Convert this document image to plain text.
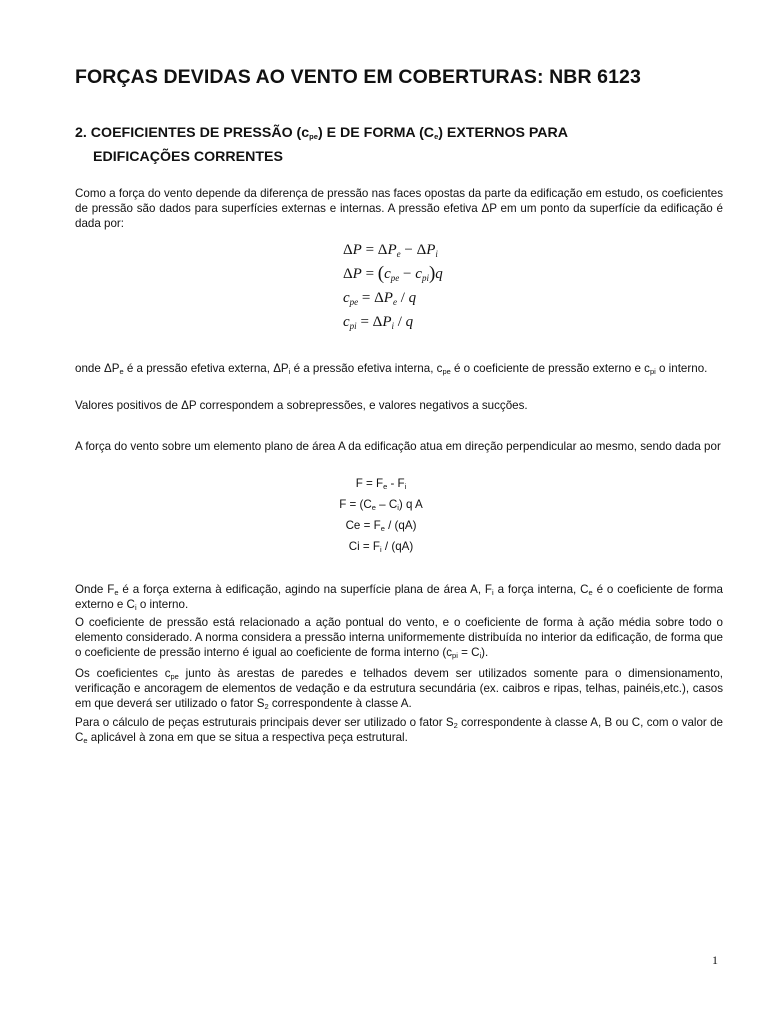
FORÇAS DEVIDAS AO VENTO EM COBERTURAS: NBR 6123
2. COEFICIENTES DE PRESSÃO $(c_{pe})$ E DE FORMA $(C_e)$ EXTERNOS PARA
EDIFICAÇÕES CORRENTES

Como a força do vento depende da diferença de pressão nas faces opostas da parte da edificação em estudo, os coeficientes de pressão são dados para superfícies externas e internas. A pressão efetiva ΔP em um ponto da superfície da edificação é dada por:

$\Delta P = \Delta P_e - \Delta P_i$
$\Delta P = (c_{pe} - c_{pi})q$
$c_{pe} = \Delta P_e / q$
$c_{pi} = \Delta P_i / q$

onde $\Delta P_e$ é a pressão efetiva externa, $\Delta P_i$ é a pressão efetiva interna, $c_{pe}$ é o coeficiente de pressão externo e $c_{pi}$ o interno.

Valores positivos de ΔP correspondem a sobrepressões, e valores negativos a sucções.

A força do vento sobre um elemento plano de área A da edificação atua em direção perpendicular ao mesmo, sendo dada por

$F = F_e - F_i$
$F = (C_e - C_i)$ q A
$Ce = F_e / (qA)$
$Ci = F_i / (qA)$

Onde $F_e$ é a força externa à edificação, agindo na superfície plana de área A, $F_i$ a força interna, $C_e$ é o coeficiente de forma externo e $C_i$ o interno.

O coeficiente de pressão está relacionado a ação pontual do vento, e o coeficiente de forma à ação média sobre todo o elemento considerado. A norma considera a pressão interna uniformemente distribuída no interior da edificação, de forma que o coeficiente de pressão interno é igual ao coeficiente de forma interno $(c_{pi} = C_i)$.

Os coeficientes $c_{pe}$ junto às arestas de paredes e telhados devem ser utilizados somente para o dimensionamento, verificação e ancoragem de elementos de vedação e da estrutura secundária (ex. caibros e ripas, telhas, painéis,etc.), casos em que deverá ser utilizado o fator $S_2$ correspondente à classe A.

Para o cálculo de peças estruturais principais dever ser utilizado o fator $S_2$ correspondente à classe A, B ou C, com o valor de $C_e$ aplicável à zona em que se situa a respectiva peça estrutural.

1
